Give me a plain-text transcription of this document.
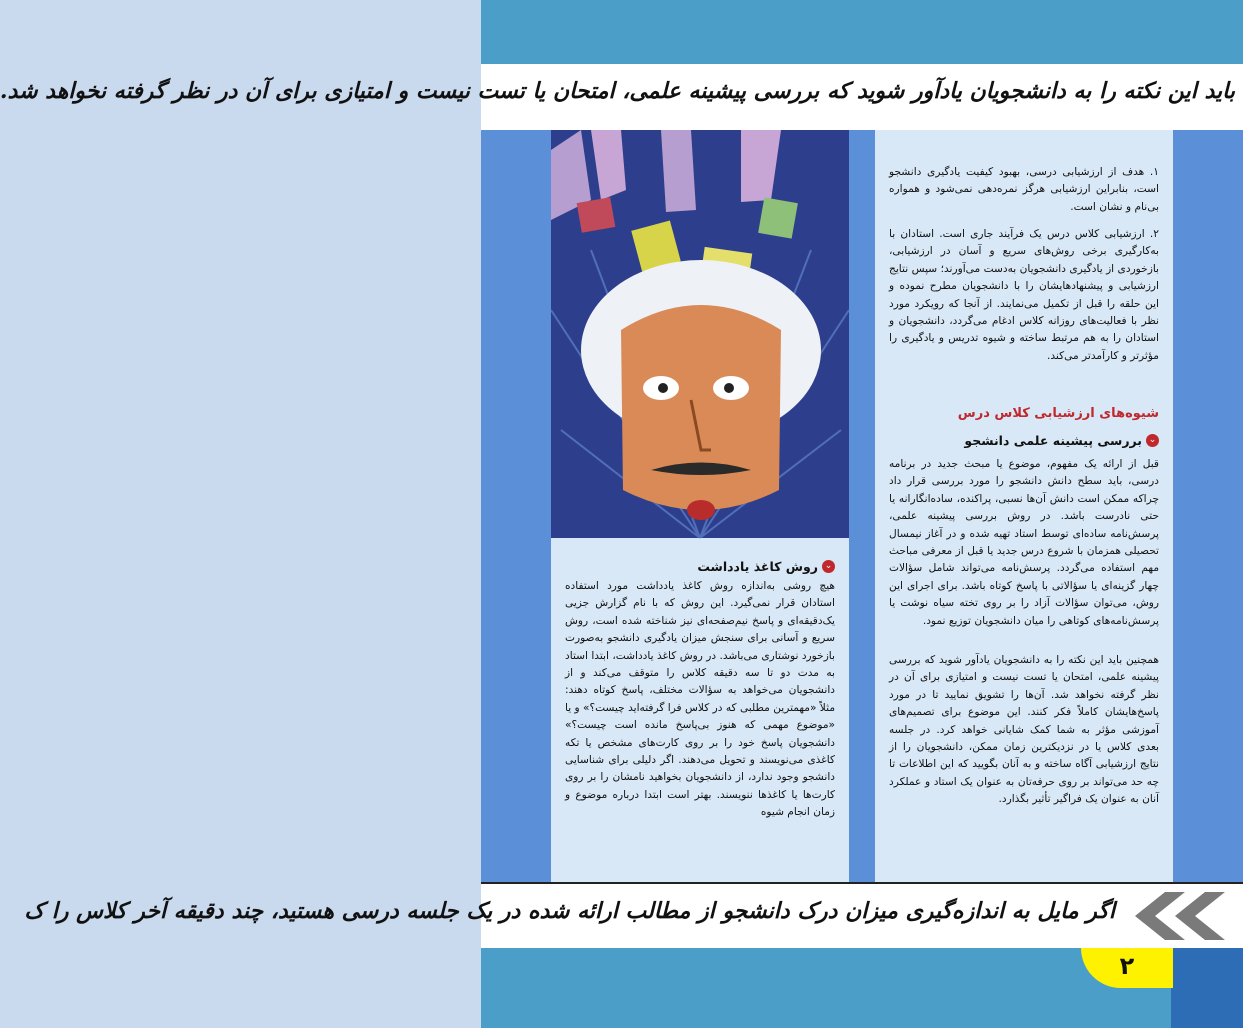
باید این نکته را به دانشجویان یادآور شوید که بررسی پیشینه علمی، امتحان یا تست نیست و امتیازی برای آن در نظر گرفته نخواهد شد.
۱. هدف از ارزشیابی درسی، بهبود کیفیت یادگیری دانشجو است، بنابراین ارزشیابی هرگز نمره‌دهی نمی‌شود و همواره بی‌نام و نشان است.
۲. ارزشیابی کلاس درس یک فرآیند جاری است. استادان با به‌کارگیری برخی روش‌های سریع و آسان در ارزشیابی، بازخوردی از یادگیری دانشجویان به‌دست می‌آورند؛ سپس نتایج ارزشیابی و پیشنهادهایشان را با دانشجویان مطرح نموده و این حلقه را قبل از تکمیل می‌نمایند. از آنجا که رویکرد مورد نظر با فعالیت‌های روزانه کلاس ادغام می‌گردد، دانشجویان و استادان را به هم مرتبط ساخته و شیوه تدریس و یادگیری را مؤثرتر و کارآمدتر می‌کند.
شیوه‌های ارزشیابی کلاس درس
⌄بررسی پیشینه علمی دانشجو
قبل از ارائه یک مفهوم، موضوع یا مبحث جدید در برنامه درسی، باید سطح دانش دانشجو را مورد بررسی قرار داد چراکه ممکن است دانش آن‌ها نسبی، پراکنده، ساده‌انگارانه یا حتی نادرست باشد. در روش بررسی پیشینه علمی، پرسش‌نامه ساده‌ای توسط استاد تهیه شده و در آغاز نیمسال تحصیلی همزمان با شروع درس جدید یا قبل از معرفی مباحث مهم استفاده می‌گردد. پرسش‌نامه می‌تواند شامل سؤالات چهار گزینه‌ای یا سؤالاتی با پاسخ کوتاه باشد. برای اجرای این روش، می‌توان سؤالات آزاد را بر روی تخته سیاه نوشت یا پرسش‌نامه‌های کوتاهی را میان دانشجویان توزیع نمود.
همچنین باید این نکته را به دانشجویان یادآور شوید که بررسی پیشینه علمی، امتحان یا تست نیست و امتیازی برای آن در نظر گرفته نخواهد شد. آن‌ها را تشویق نمایید تا در مورد پاسخ‌هایشان کاملاً فکر کنند. این موضوع برای تصمیم‌های آموزشی مؤثر به شما کمک شایانی خواهد کرد. در جلسه بعدی کلاس یا در نزدیکترین زمان ممکن، دانشجویان را از نتایج ارزشیابی آگاه ساخته و به آنان بگویید که این اطلاعات تا چه حد می‌تواند بر روی حرفه‌تان به عنوان یک استاد و عملکرد آنان به عنوان یک فراگیر تأثیر بگذارد.
⌄روش کاغذ یادداشت
هیچ روشی به‌اندازه روش کاغذ یادداشت مورد استفاده استادان قرار نمی‌گیرد. این روش که با نام گزارش جزیی یک‌دقیقه‌ای و پاسخ نیم‌صفحه‌ای نیز شناخته شده است، روش سریع و آسانی برای سنجش میزان یادگیری دانشجو به‌صورت بازخورد نوشتاری می‌باشد. در روش کاغذ یادداشت، ابتدا استاد به مدت دو تا سه دقیقه کلاس را متوقف می‌کند و از دانشجویان می‌خواهد به سؤالات مختلف، پاسخ کوتاه دهند: مثلاً «مهمترین مطلبی که در کلاس فرا گرفته‌اید چیست؟» و یا «موضوع مهمی که هنوز بی‌پاسخ مانده است چیست؟» دانشجویان پاسخ خود را بر روی کارت‌های مشخص یا تکه کاغذی می‌نویسند و تحویل می‌دهند. اگر دلیلی برای شناسایی دانشجو وجود ندارد، از دانشجویان بخواهید نامشان را بر روی کارت‌ها یا کاغذها ننویسند. بهتر است ابتدا درباره موضوع و زمان انجام شیوه
اگر مایل به اندازه‌گیری میزان درک دانشجو از مطالب ارائه شده در یک جلسه درسی هستید، چند دقیقه آخر کلاس را ک
۲
